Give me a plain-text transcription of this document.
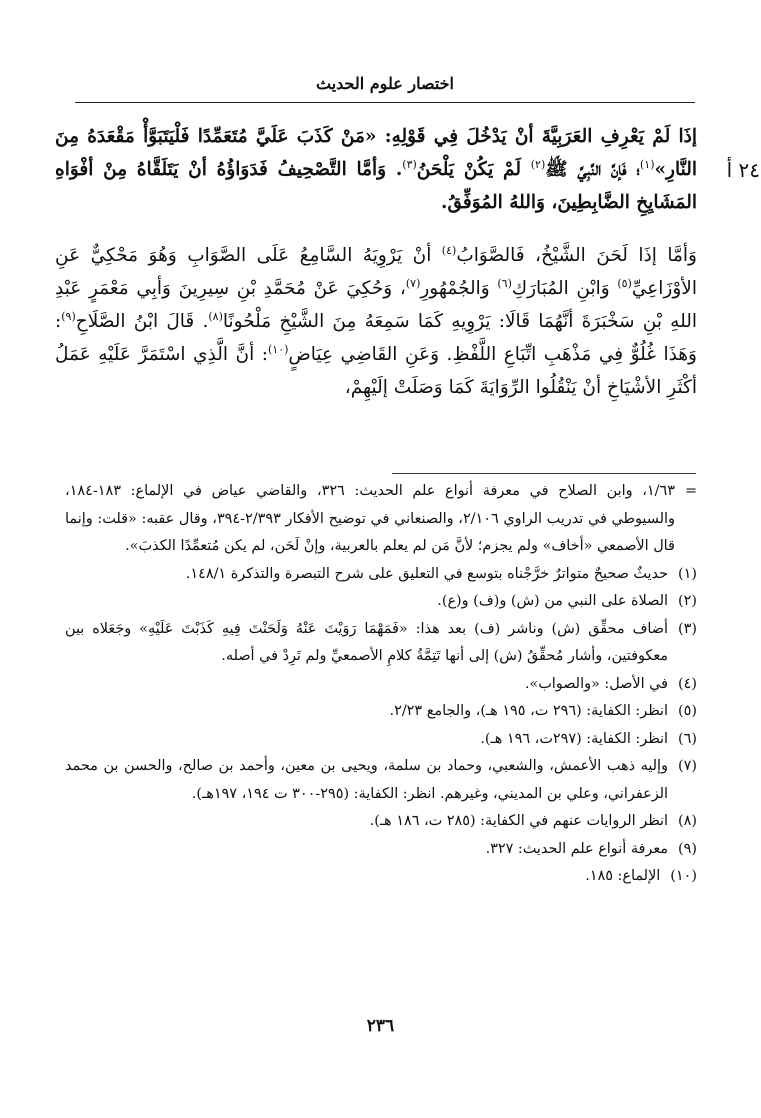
اختصار علوم الحديث
٢٤ أ

إذَا لَمْ يَعْرِفِ العَرَبِيَّةَ أنْ يَدْخُلَ فِي قَوْلِهِ: «مَنْ كَذَبَ عَلَيَّ مُتَعَمِّدًا فَلْيَتَبَوَّأْ مَقْعَدَهُ مِنَ النَّارِ»$^{(١)}$؛ فَإنَّ النَّبِيَّ ﷺ$^{(٢)}$ لَمْ يَكُنْ يَلْحَنُ$^{(٣)}$. وَأمَّا التَّصْحِيفُ فَدَوَاؤُهُ أنْ يَتَلَقَّاهُ مِنْ أفْوَاهِ المَشَايِخِ الضَّابِطِينَ، وَاللهُ المُوَفِّقُ.

وَأمَّا إذَا لَحَنَ الشَّيْخُ، فَالصَّوَابُ$^{(٤)}$ أنْ يَرْوِيَهُ السَّامِعُ عَلَى الصَّوَابِ وَهُوَ مَحْكِيٌّ عَنِ الأوْزَاعِيِّ$^{(٥)}$ وَابْنِ المُبَارَكِ$^{(٦)}$ وَالجُمْهُورِ$^{(٧)}$، وَحُكِيَ عَنْ مُحَمَّدِ بْنِ سِيرِينَ وَأبِي مَعْمَرٍ عَبْدِ اللهِ بْنِ سَخْبَرَةَ أنَّهُمَا قَالَا: يَرْوِيهِ كَمَا سَمِعَهُ مِنَ الشَّيْخِ مَلْحُونًا$^{(٨)}$. قَالَ ابْنُ الصَّلَاحِ$^{(٩)}$: وَهَذَا غُلُوٌّ فِي مَذْهَبِ اتِّبَاعِ اللَّفْظِ. وَعَنِ القَاضِي عِيَاضٍ$^{(١٠)}$: أنَّ الَّذِي اسْتَمَرَّ عَلَيْهِ عَمَلُ أكْثَرِ الأشْيَاخِ أنْ يَنْقُلُوا الرِّوَايَةَ كَمَا وَصَلَتْ إلَيْهِمْ،

=
١/٦٣، وابن الصلاح في معرفة أنواع علم الحديث: ٣٢٦، والقاضي عياض في الإلماع: ١٨٣-١٨٤، والسيوطي في تدريب الراوي ٢/١٠٦، والصنعاني في توضيح الأفكار ٢/٣٩٣-٣٩٤، وقال عقبه: «قلت: وإنما قال الأصمعي «أخاف» ولم يجزم؛ لأنَّ مَن لم يعلم بالعربية، وإنْ لَحَن، لم يكن مُتعمِّدًا الكذبَ».
(١)
حديثٌ صحيحٌ متواترٌ خرَّجْناه بتوسع في التعليق على شرح التبصرة والتذكرة ١٤٨/١.
(٢)
الصلاة على النبي من (ش) و(ف) و(ع).
(٣)
أضاف محقِّق (ش) وناشر (ف) بعد هذا: «فَمَهْمَا رَوَيْتَ عَنْهُ وَلَحَنْتَ فِيهِ كَذَبْتَ عَلَيْهِ» وجَعَلاه بين معكوفتين، وأشار مُحقِّقُ (ش) إلى أنها تَتِمَّةُ كلامِ الأصمعيِّ ولم تَرِدْ في أصله.
(٤)
في الأصل: «والصواب».
(٥)
انظر: الكفاية: (٢٩٦ ت، ١٩٥ هـ)، والجامع ٢/٢٣.
(٦)
انظر: الكفاية: (٢٩٧ت، ١٩٦ هـ).
(٧)
وإليه ذهب الأعمش، والشعبي، وحماد بن سلمة، ويحيى بن معين، وأحمد بن صالح، والحسن بن محمد الزعفراني، وعلي بن المديني، وغيرهم. انظر: الكفاية: (٢٩٥-٣٠٠ ت ١٩٤، ١٩٧هـ).
(٨)
انظر الروايات عنهم في الكفاية: (٢٨٥ ت، ١٨٦ هـ).
(٩)
معرفة أنواع علم الحديث: ٣٢٧.
(١٠)
الإلماع: ١٨٥.
٢٣٦
